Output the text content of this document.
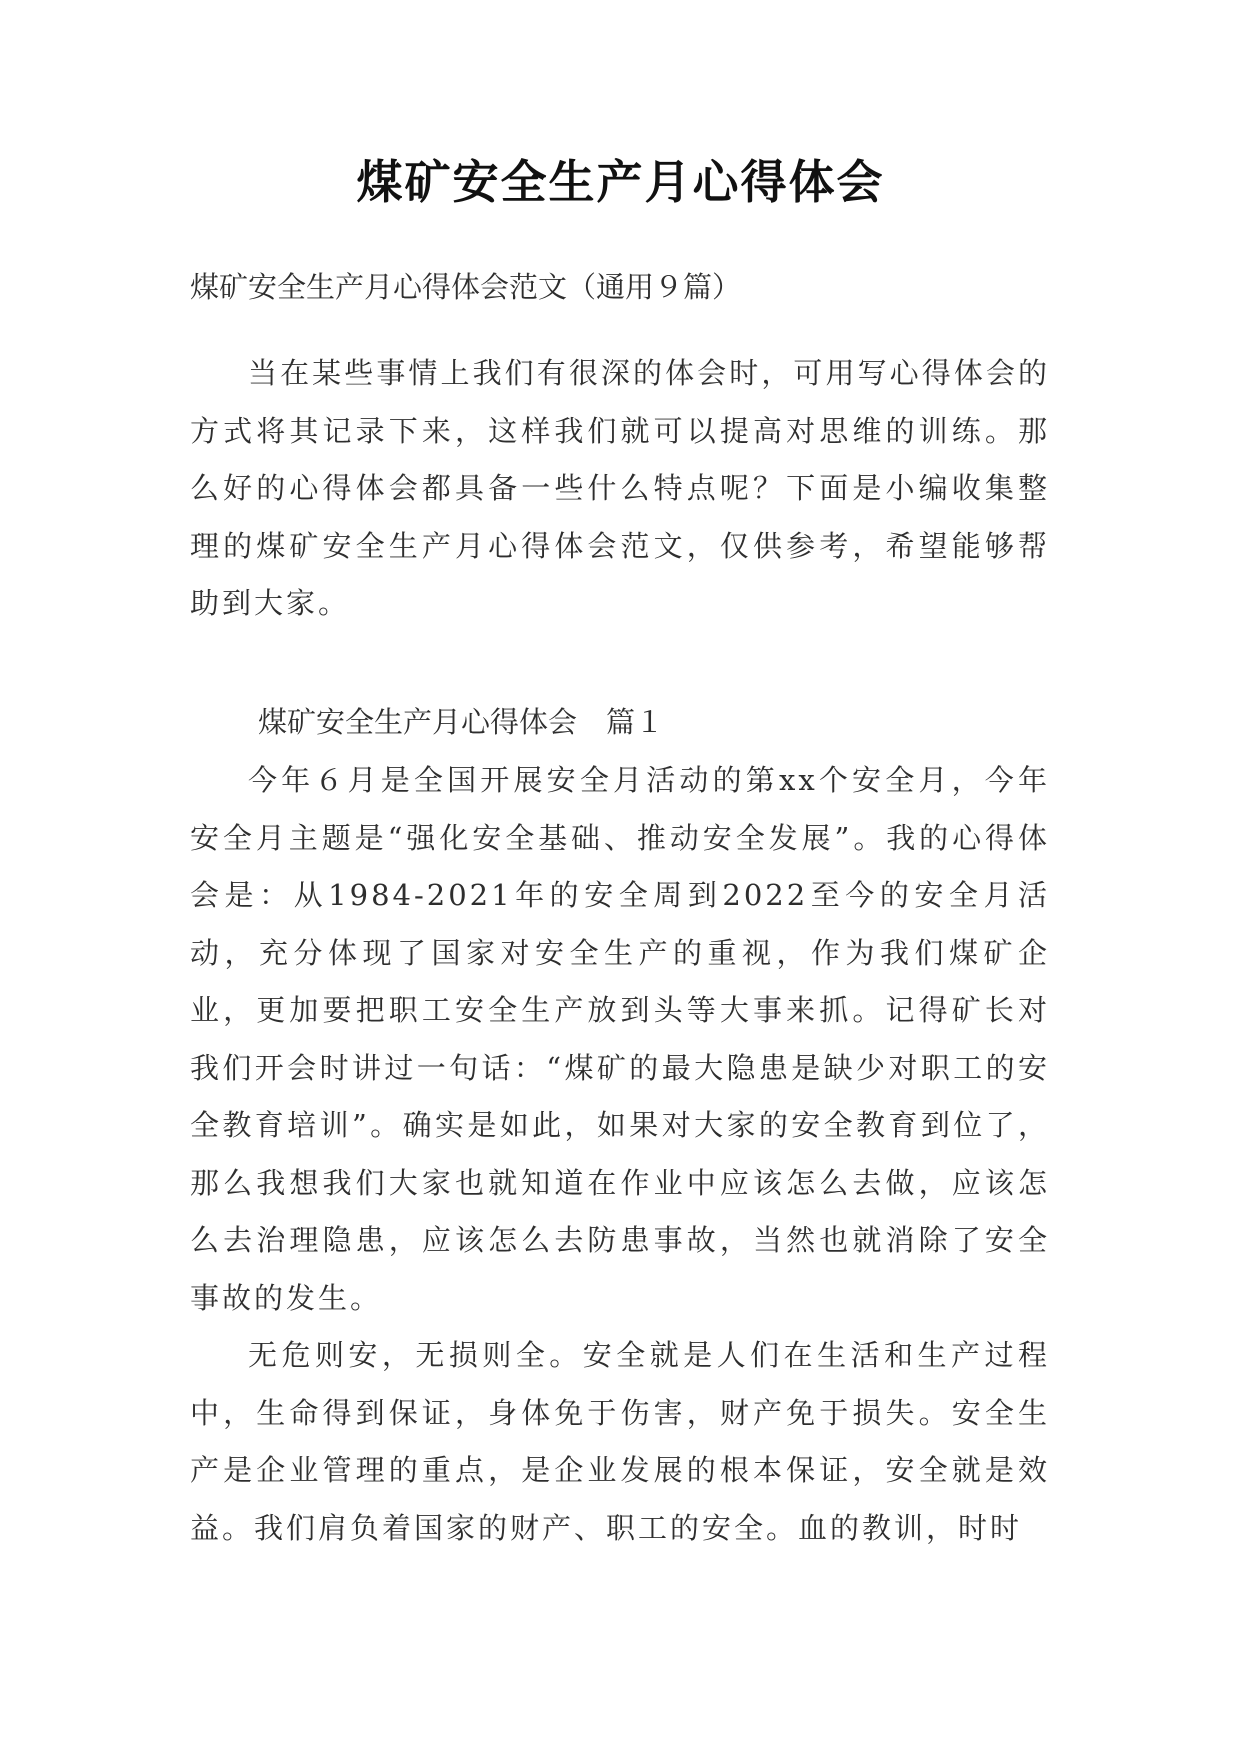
煤矿安全生产月心得体会

煤矿安全生产月心得体会范文（通用９篇）

当在某些事情上我们有很深的体会时，可用写心得体会的方式将其记录下来，这样我们就可以提高对思维的训练。那么好的心得体会都具备一些什么特点呢？下面是小编收集整理的煤矿安全生产月心得体会范文，仅供参考，希望能够帮助到大家。

煤矿安全生产月心得体会　篇１

今年６月是全国开展安全月活动的第xx个安全月，今年安全月主题是“强化安全基础、推动安全发展”。我的心得体会是：从1984-2021年的安全周到2022至今的安全月活动，充分体现了国家对安全生产的重视，作为我们煤矿企业，更加要把职工安全生产放到头等大事来抓。记得矿长对我们开会时讲过一句话：“煤矿的最大隐患是缺少对职工的安全教育培训”。确实是如此，如果对大家的安全教育到位了，那么我想我们大家也就知道在作业中应该怎么去做，应该怎么去治理隐患，应该怎么去防患事故，当然也就消除了安全事故的发生。

无危则安，无损则全。安全就是人们在生活和生产过程中，生命得到保证，身体免于伤害，财产免于损失。安全生产是企业管理的重点，是企业发展的根本保证，安全就是效益。我们肩负着国家的财产、职工的安全。血的教训，时时
